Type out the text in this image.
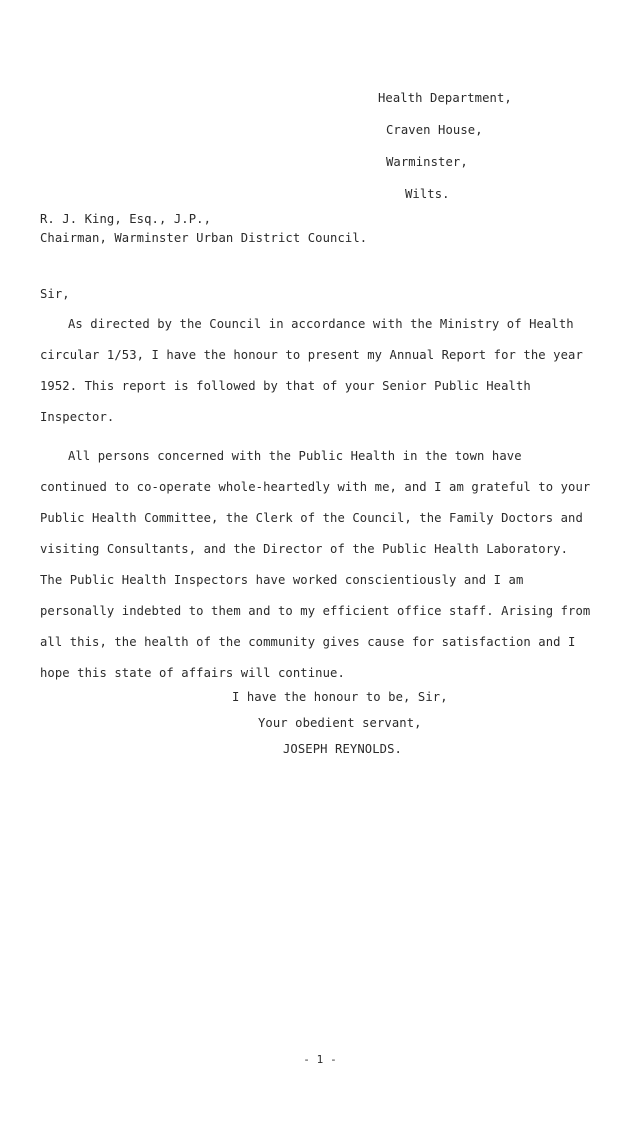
Health Department,
Craven House,
Warminster,
Wilts.
R. J. King, Esq., J.P.,
Chairman, Warminster Urban District Council.
Sir,
As directed by the Council in accordance with the Ministry of Health
circular 1/53, I have the honour to present my Annual Report for the year
1952. This report is followed by that of your Senior Public Health
Inspector.
All persons concerned with the Public Health in the town have
continued to co-operate whole-heartedly with me, and I am grateful to your
Public Health Committee, the Clerk of the Council, the Family Doctors and
visiting Consultants, and the Director of the Public Health Laboratory.
The Public Health Inspectors have worked conscientiously and I am
personally indebted to them and to my efficient office staff. Arising from
all this, the health of the community gives cause for satisfaction and I
hope this state of affairs will continue.
I have the honour to be, Sir,
Your obedient servant,
JOSEPH REYNOLDS.
- 1 -
